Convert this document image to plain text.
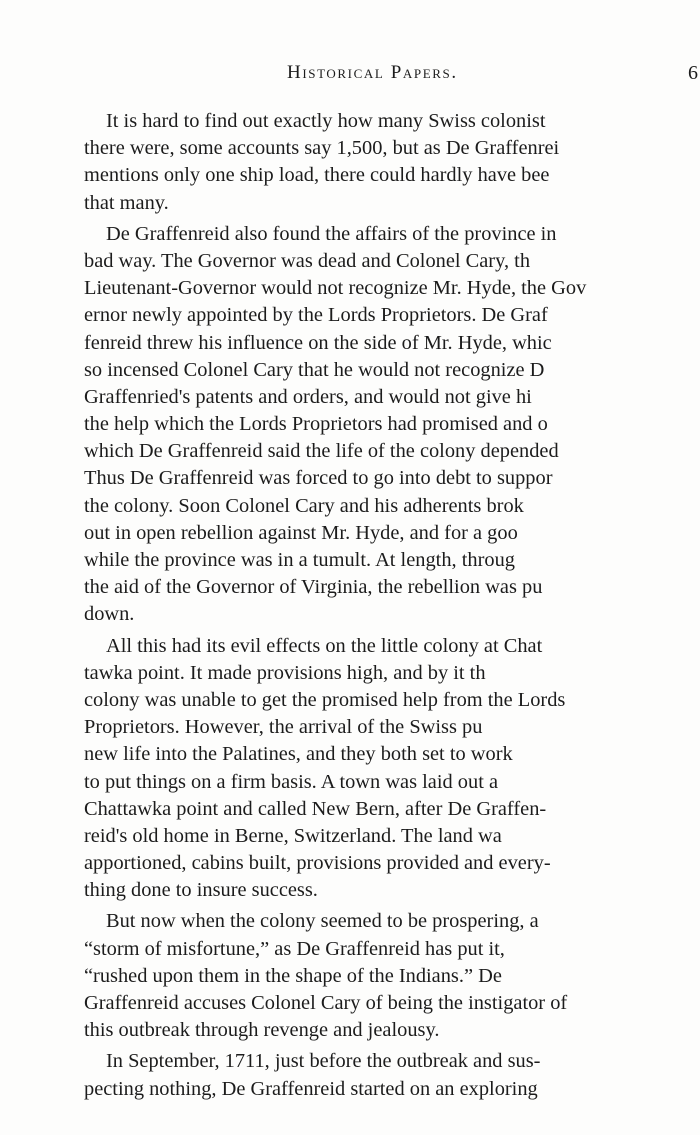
Historical Papers.	6
It is hard to find out exactly how many Swiss colonist
there were, some accounts say 1,500, but as De Graffenrei
mentions only one ship load, there could hardly have bee
that many.
De Graffenreid also found the affairs of the province in
bad way. The Governor was dead and Colonel Cary, th
Lieutenant-Governor would not recognize Mr. Hyde, the Gov
ernor newly appointed by the Lords Proprietors. De Graf
fenreid threw his influence on the side of Mr. Hyde, whic
so incensed Colonel Cary that he would not recognize D
Graffenried's patents and orders, and would not give hi
the help which the Lords Proprietors had promised and o
which De Graffenreid said the life of the colony depended
Thus De Graffenreid was forced to go into debt to suppor
the colony. Soon Colonel Cary and his adherents brok
out in open rebellion against Mr. Hyde, and for a goo
while the province was in a tumult. At length, throug
the aid of the Governor of Virginia, the rebellion was pu
down.
All this had its evil effects on the little colony at Chat
tawka point. It made provisions high, and by it th
colony was unable to get the promised help from the Lords
Proprietors. However, the arrival of the Swiss pu
new life into the Palatines, and they both set to work
to put things on a firm basis. A town was laid out a
Chattawka point and called New Bern, after De Graffen-
reid's old home in Berne, Switzerland. The land wa
apportioned, cabins built, provisions provided and every-
thing done to insure success.
But now when the colony seemed to be prospering, a
“storm of misfortune,” as De Graffenreid has put it,
“rushed upon them in the shape of the Indians.” De
Graffenreid accuses Colonel Cary of being the instigator of
this outbreak through revenge and jealousy.
In September, 1711, just before the outbreak and sus-
pecting nothing, De Graffenreid started on an exploring
